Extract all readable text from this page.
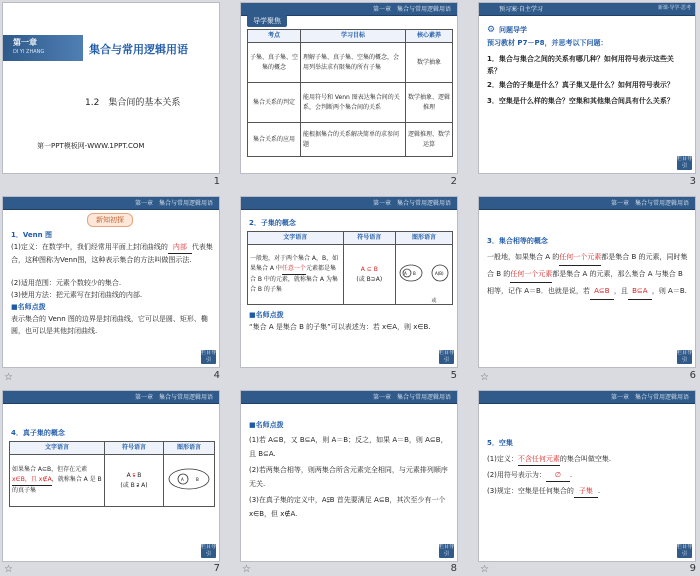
第一章
DI YI ZHANG	集合与常用逻辑用语
1.2　集合间的基本关系
第一PPT模板网-WWW.1PPT.COM
1
第一章　集合与常用逻辑用语
导学聚焦
考点	学习目标	核心素养
子集、真子集、空集的概念	理解子集、真子集、空集的概念，会用列举法求有限集的所有子集	数学抽象
集合关系的判定	能用符号和 Venn 图表达集合间的关系，会判断两个集合间的关系	数学抽象、逻辑推理
集合关系的应用	能根据集合的关系解决简单的求参问题	逻辑推理、数学运算
2
预习案·自主学习	新课·导学·思考
⚙ 问题导学
预习教材 P7－P8，并思考以下问题：
1．集合与集合之间的关系有哪几种？如何用符号表示这些关系？
2．集合的子集是什么？真子集又是什么？如何用符号表示？
3．空集是什么样的集合？空集和其他集合间具有什么关系？
栏目导引
3
第一章　集合与常用逻辑用语
新知初探
1．Venn 图
(1)定义：在数学中，我们经常用平面上封闭曲线的 内部 代表集合，这种图称为Venn图，这种表示集合的方法叫做图示法.
(2)适用范围：元素个数较少的集合.
(3)使用方法：把元素写在封闭曲线的内部.
■名师点拨
表示集合的 Venn 图的边界是封闭曲线，它可以是圆、矩形、椭圆，也可以是其他封闭曲线.
栏目导引
☆	4
第一章　集合与常用逻辑用语
2．子集的概念
文字语言	符号语言	图形语言
一般地，对于两个集合 A，B，如果集合 A 中任意一个元素都是集合 B 中的元素，就称集合 A 为集合 B 的子集	A ⊆ B
(或 B⊇A)	A B A(B)
或
■名师点拨
“集合 A 是集合 B 的子集”可以表述为：若 x∈A，则 x∈B.
栏目导引
5
第一章　集合与常用逻辑用语
3．集合相等的概念
一般地，如果集合 A 的任何一个元素都是集合 B 的元素，同时集合 B 的任何一个元素都是集合 A 的元素，那么集合 A 与集合 B 相等，记作 A＝B．也就是说，若 A⊆B ，且 B⊆A ，则 A＝B.
栏目导引
☆	6
第一章　集合与常用逻辑用语
4．真子集的概念
文字语言	符号语言	图形语言
如果集合 A⊆B，但存在元素x∈B，且 x∉A，就称集合 A 是 B 的真子集	A ⫋ B
(或 B ⫌ A)	A B
栏目导引
☆	7
第一章　集合与常用逻辑用语
■名师点拨
(1)若 A⊆B，又 B⊆A，则 A＝B；反之，如果 A＝B，则 A⊆B，且 B⊆A.
(2)若两集合相等，则两集合所含元素完全相同，与元素排列顺序无关.
(3)在真子集的定义中，A⫋B 首先要满足 A⊆B，其次至少有一个 x∈B，但 x∉A.
栏目导引
☆	8
第一章　集合与常用逻辑用语
5．空集
(1)定义：不含任何元素的集合叫做空集.
(2)用符号表示为： ∅ .
(3)规定：空集是任何集合的 子集 .
栏目导引
☆	9
